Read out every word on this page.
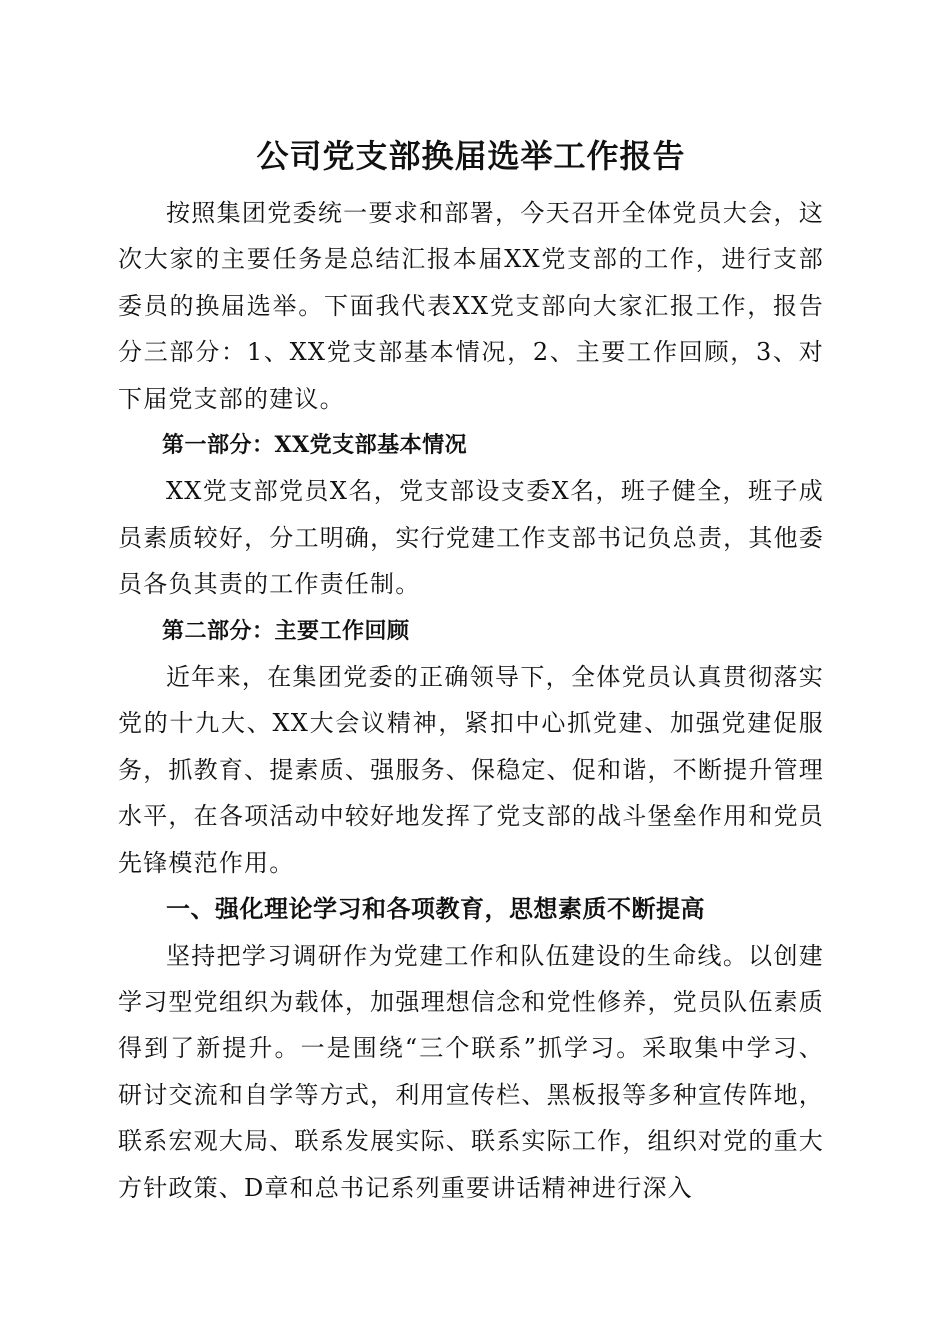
公司党支部换届选举工作报告

按照集团党委统一要求和部署，今天召开全体党员大会，这次大家的主要任务是总结汇报本届XX党支部的工作，进行支部委员的换届选举。下面我代表XX党支部向大家汇报工作，报告分三部分：1、XX党支部基本情况，2、主要工作回顾，3、对下届党支部的建议。

第一部分：XX党支部基本情况

XX党支部党员X名，党支部设支委X名，班子健全，班子成员素质较好，分工明确，实行党建工作支部书记负总责，其他委员各负其责的工作责任制。

第二部分：主要工作回顾

近年来，在集团党委的正确领导下，全体党员认真贯彻落实党的十九大、XX大会议精神，紧扣中心抓党建、加强党建促服务，抓教育、提素质、强服务、保稳定、促和谐，不断提升管理水平，在各项活动中较好地发挥了党支部的战斗堡垒作用和党员先锋模范作用。

一、强化理论学习和各项教育，思想素质不断提高

坚持把学习调研作为党建工作和队伍建设的生命线。以创建学习型党组织为载体，加强理想信念和党性修养，党员队伍素质得到了新提升。一是围绕“三个联系”抓学习。采取集中学习、研讨交流和自学等方式，利用宣传栏、黑板报等多种宣传阵地，联系宏观大局、联系发展实际、联系实际工作，组织对党的重大方针政策、D章和总书记系列重要讲话精神进行深入
